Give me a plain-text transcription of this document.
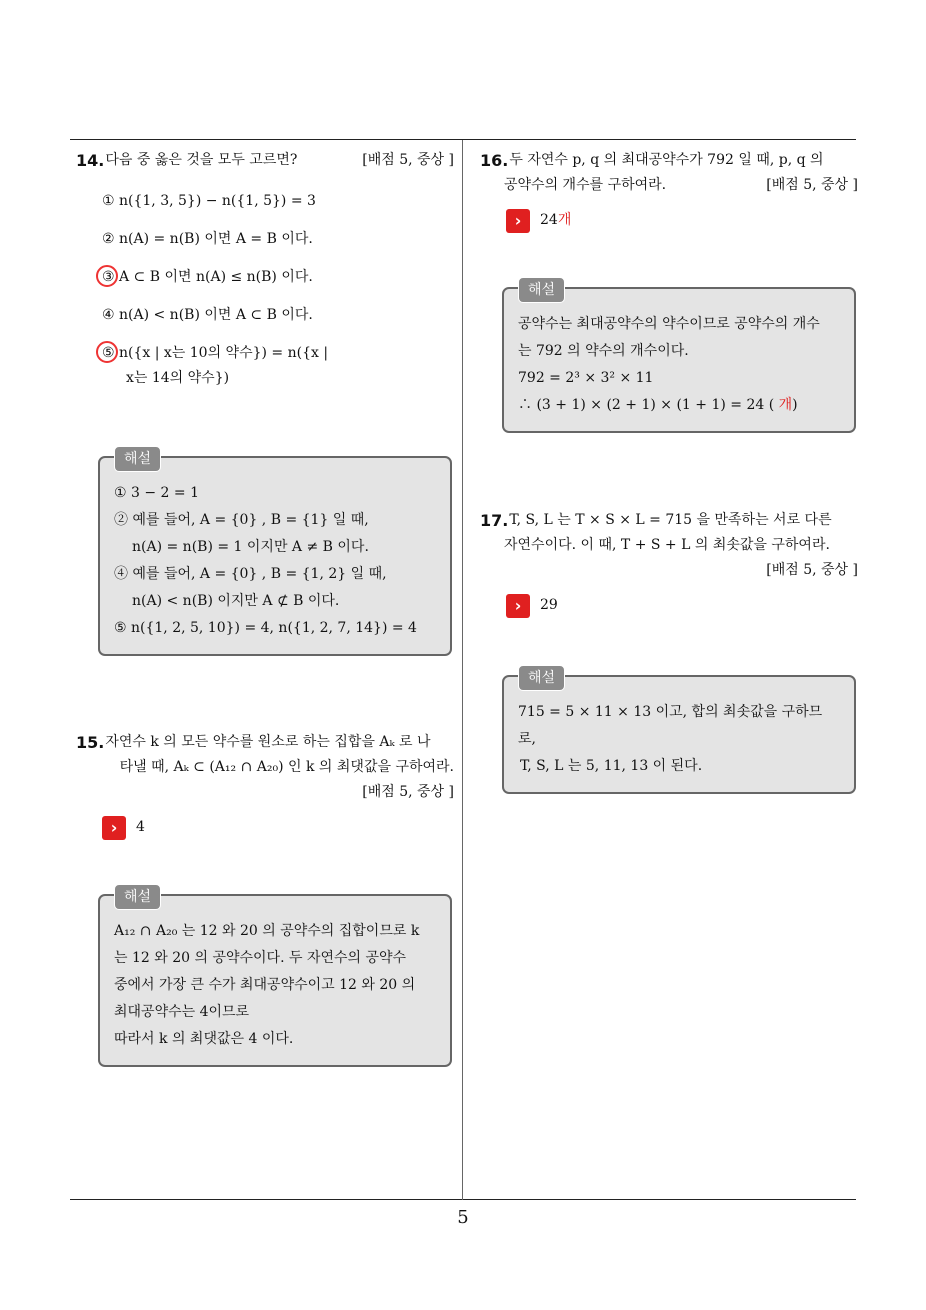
14. 다음 중 옳은 것을 모두 고르면?	[배점 5, 중상 ]
① n({1, 3, 5}) − n({1, 5}) = 3
② n(A) = n(B) 이면 A = B 이다.
③ A ⊂ B 이면 n(A) ≤ n(B) 이다.
④ n(A) < n(B) 이면 A ⊂ B 이다.
⑤ n({x | x는 10의 약수}) = n({x |
x는 14의 약수})
해설
① 3 − 2 = 1
② 예를 들어, A = {0} , B = {1} 일 때,
n(A) = n(B) = 1 이지만 A ≠ B 이다.
④ 예를 들어, A = {0} , B = {1, 2} 일 때,
n(A) < n(B) 이지만 A ⊄ B 이다.
⑤ n({1, 2, 5, 10}) = 4, n({1, 2, 7, 14}) = 4
15. 자연수 k 의 모든 약수를 원소로 하는 집합을 Aₖ 로 나
타낼 때, Aₖ ⊂ (A₁₂ ∩ A₂₀) 인 k 의 최댓값을 구하여라.
[배점 5, 중상 ]
›	4
해설
A₁₂ ∩ A₂₀ 는 12 와 20 의 공약수의 집합이므로 k
는 12 와 20 의 공약수이다. 두 자연수의 공약수
중에서 가장 큰 수가 최대공약수이고 12 와 20 의
최대공약수는 4이므로
따라서 k 의 최댓값은 4 이다.
16. 두 자연수 p, q 의 최대공약수가 792 일 때, p, q 의
공약수의 개수를 구하여라.	[배점 5, 중상 ]
›	24 개
해설
공약수는 최대공약수의 약수이므로 공약수의 개수
는 792 의 약수의 개수이다.
792 = 2³ × 3² × 11
∴ (3 + 1) × (2 + 1) × (1 + 1) = 24 ( 개)
17. T, S, L 는 T × S × L = 715 을 만족하는 서로 다른
자연수이다. 이 때, T + S + L 의 최솟값을 구하여라.
[배점 5, 중상 ]
›	29
해설
715 = 5 × 11 × 13 이고, 합의 최솟값을 구하므로,
T, S, L 는 5, 11, 13 이 된다.
5
